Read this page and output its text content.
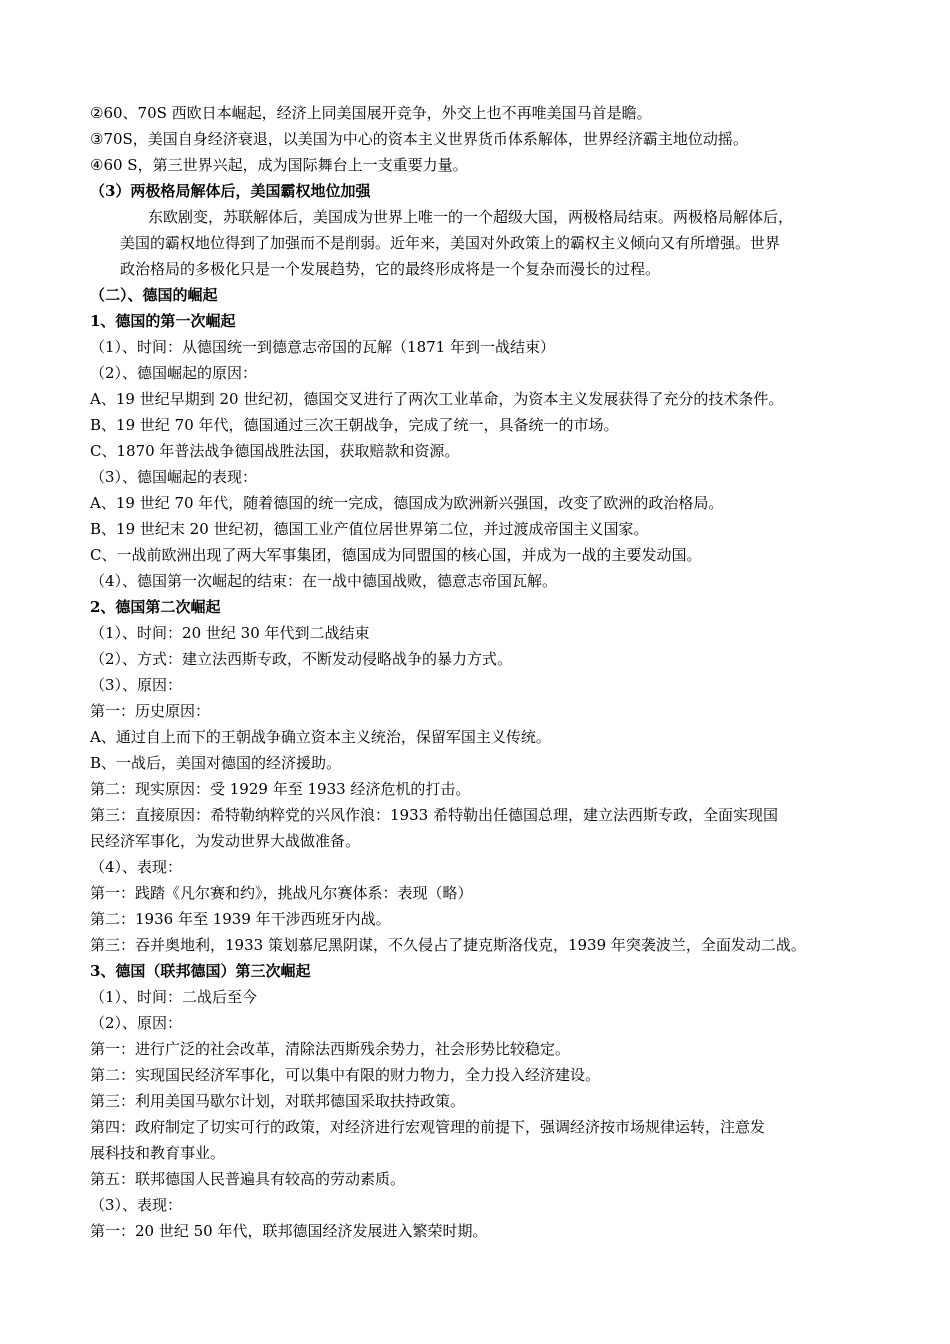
②60、70S 西欧日本崛起，经济上同美国展开竞争，外交上也不再唯美国马首是瞻。
③70S，美国自身经济衰退，以美国为中心的资本主义世界货币体系解体，世界经济霸主地位动摇。
④60 S，第三世界兴起，成为国际舞台上一支重要力量。
（3）两极格局解体后，美国霸权地位加强
东欧剧变，苏联解体后，美国成为世界上唯一的一个超级大国，两极格局结束。两极格局解体后，
美国的霸权地位得到了加强而不是削弱。近年来，美国对外政策上的霸权主义倾向又有所增强。世界
政治格局的多极化只是一个发展趋势，它的最终形成将是一个复杂而漫长的过程。
（二）、德国的崛起
1、德国的第一次崛起
（1）、时间：从德国统一到德意志帝国的瓦解（1871 年到一战结束）
（2）、德国崛起的原因：
A、19 世纪早期到 20 世纪初，德国交叉进行了两次工业革命，为资本主义发展获得了充分的技术条件。
B、19 世纪 70 年代，德国通过三次王朝战争，完成了统一，具备统一的市场。
C、1870 年普法战争德国战胜法国，获取赔款和资源。
（3）、德国崛起的表现：
A、19 世纪 70 年代，随着德国的统一完成，德国成为欧洲新兴强国，改变了欧洲的政治格局。
B、19 世纪末 20 世纪初，德国工业产值位居世界第二位，并过渡成帝国主义国家。
C、一战前欧洲出现了两大军事集团，德国成为同盟国的核心国，并成为一战的主要发动国。
（4）、德国第一次崛起的结束：在一战中德国战败，德意志帝国瓦解。
2、德国第二次崛起
（1）、时间：20 世纪 30 年代到二战结束
（2）、方式：建立法西斯专政，不断发动侵略战争的暴力方式。
（3）、原因：
第一：历史原因：
A、通过自上而下的王朝战争确立资本主义统治，保留军国主义传统。
B、一战后，美国对德国的经济援助。
第二：现实原因：受 1929 年至 1933 经济危机的打击。
第三：直接原因：希特勒纳粹党的兴风作浪：1933 希特勒出任德国总理，建立法西斯专政，全面实现国
民经济军事化，为发动世界大战做准备。
（4）、表现：
第一：践踏《凡尔赛和约》，挑战凡尔赛体系：表现（略）
第二：1936 年至 1939 年干涉西班牙内战。
第三：吞并奥地利，1933 策划慕尼黑阴谋，不久侵占了捷克斯洛伐克，1939 年突袭波兰，全面发动二战。
3、德国（联邦德国）第三次崛起
（1）、时间：二战后至今
（2）、原因：
第一：进行广泛的社会改革，清除法西斯残余势力，社会形势比较稳定。
第二：实现国民经济军事化，可以集中有限的财力物力，全力投入经济建设。
第三：利用美国马歇尔计划，对联邦德国采取扶持政策。
第四：政府制定了切实可行的政策，对经济进行宏观管理的前提下，强调经济按市场规律运转，注意发
展科技和教育事业。
第五：联邦德国人民普遍具有较高的劳动素质。
（3）、表现：
第一：20 世纪 50 年代，联邦德国经济发展进入繁荣时期。
